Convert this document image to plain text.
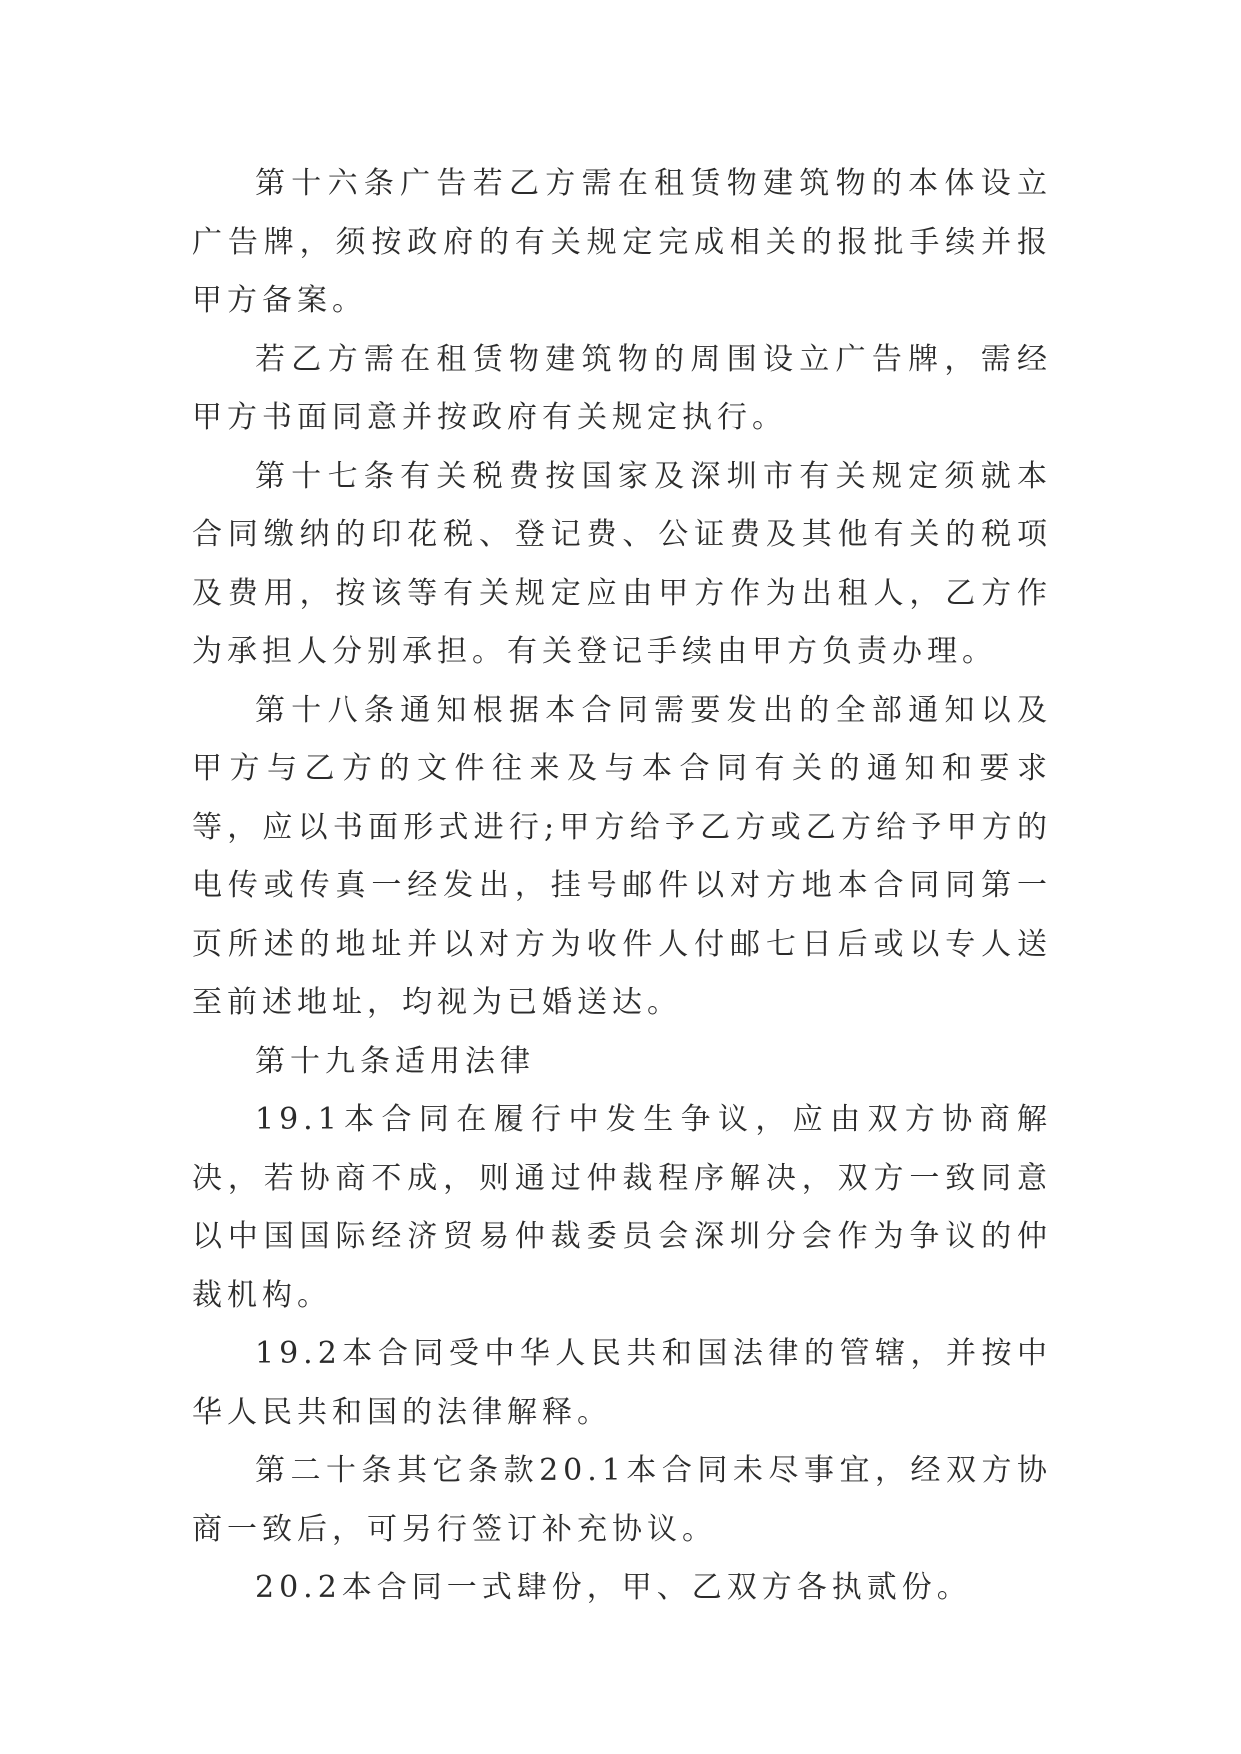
第十六条广告若乙方需在租赁物建筑物的本体设立广告牌，须按政府的有关规定完成相关的报批手续并报甲方备案。

若乙方需在租赁物建筑物的周围设立广告牌，需经甲方书面同意并按政府有关规定执行。

第十七条有关税费按国家及深圳市有关规定须就本合同缴纳的印花税、登记费、公证费及其他有关的税项及费用，按该等有关规定应由甲方作为出租人，乙方作为承担人分别承担。有关登记手续由甲方负责办理。

第十八条通知根据本合同需要发出的全部通知以及甲方与乙方的文件往来及与本合同有关的通知和要求等，应以书面形式进行;甲方给予乙方或乙方给予甲方的电传或传真一经发出，挂号邮件以对方地本合同同第一页所述的地址并以对方为收件人付邮七日后或以专人送至前述地址，均视为已婚送达。

第十九条适用法律

19.1本合同在履行中发生争议，应由双方协商解决，若协商不成，则通过仲裁程序解决，双方一致同意以中国国际经济贸易仲裁委员会深圳分会作为争议的仲裁机构。

19.2本合同受中华人民共和国法律的管辖，并按中华人民共和国的法律解释。

第二十条其它条款20.1本合同未尽事宜，经双方协商一致后，可另行签订补充协议。

20.2本合同一式肆份，甲、乙双方各执贰份。
